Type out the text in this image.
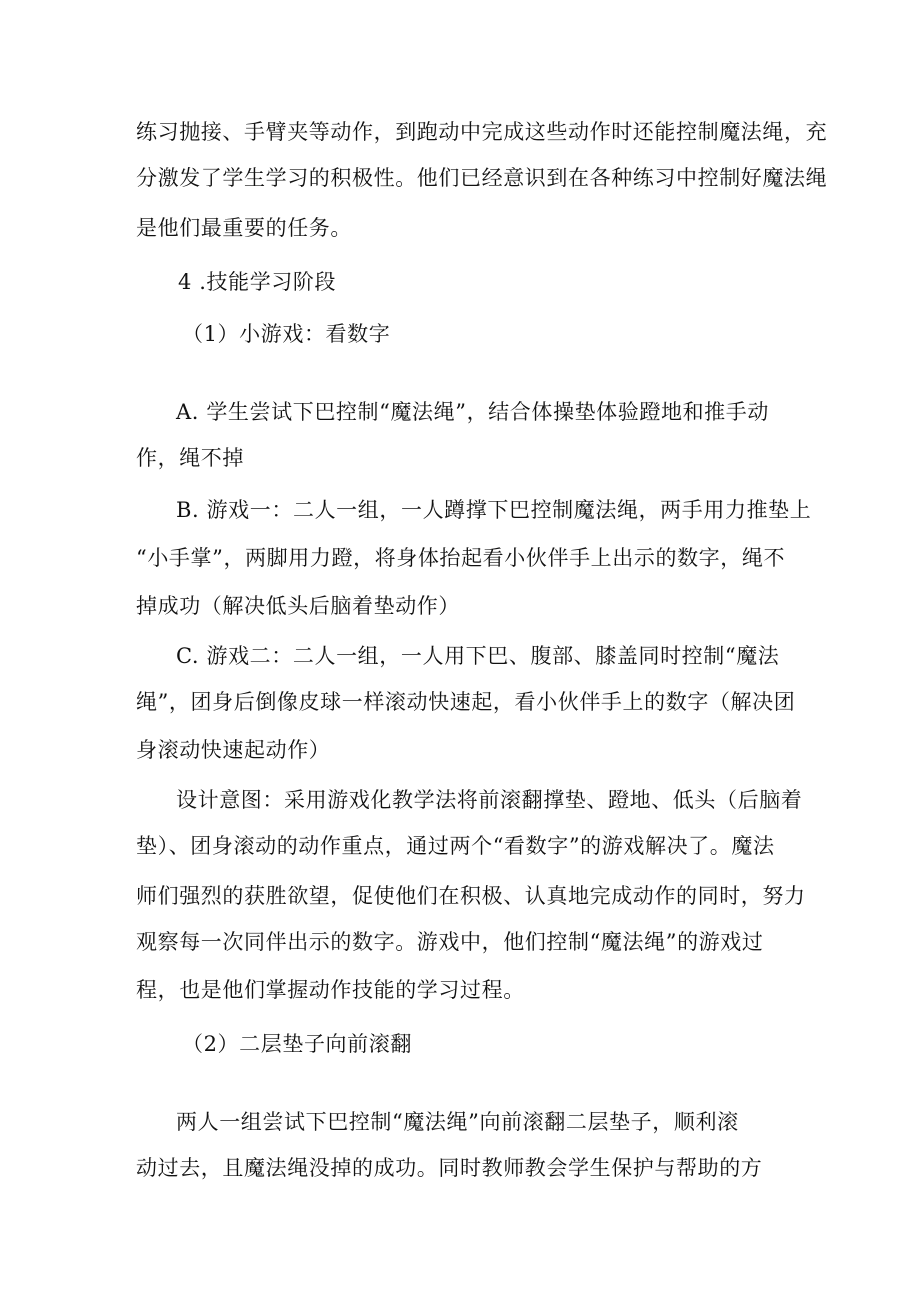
练习抛接、手臂夹等动作，到跑动中完成这些动作时还能控制魔法绳，充
分激发了学生学习的积极性。他们已经意识到在各种练习中控制好魔法绳
是他们最重要的任务。
4 .技能学习阶段
（1）小游戏：看数字
A. 学生尝试下巴控制“魔法绳”，结合体操垫体验蹬地和推手动
作，绳不掉
B. 游戏一：二人一组，一人蹲撑下巴控制魔法绳，两手用力推垫上
“小手掌”，两脚用力蹬，将身体抬起看小伙伴手上出示的数字，绳不
掉成功（解决低头后脑着垫动作）
C. 游戏二：二人一组，一人用下巴、腹部、膝盖同时控制“魔法
绳”，团身后倒像皮球一样滚动快速起，看小伙伴手上的数字（解决团
身滚动快速起动作）
设计意图：采用游戏化教学法将前滚翻撑垫、蹬地、低头（后脑着
垫）、团身滚动的动作重点，通过两个“看数字”的游戏解决了。魔法
师们强烈的获胜欲望，促使他们在积极、认真地完成动作的同时，努力
观察每一次同伴出示的数字。游戏中，他们控制“魔法绳”的游戏过
程，也是他们掌握动作技能的学习过程。
（2）二层垫子向前滚翻
两人一组尝试下巴控制“魔法绳”向前滚翻二层垫子，顺利滚
动过去，且魔法绳没掉的成功。同时教师教会学生保护与帮助的方
